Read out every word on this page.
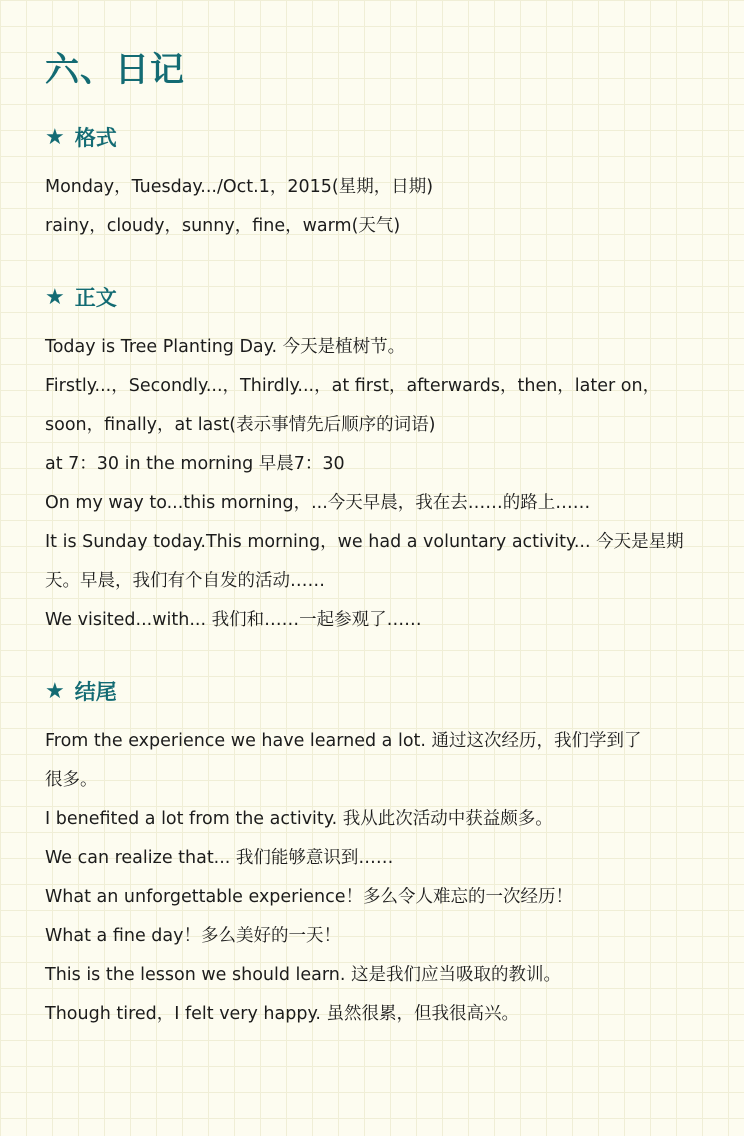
六、日记
★ 格式
Monday，Tuesday.../Oct.1，2015(星期，日期)
rainy，cloudy，sunny，fine，warm(天气)
★ 正文
Today is Tree Planting Day. 今天是植树节。
Firstly...，Secondly...，Thirdly...，at first，afterwards，then，later on，
soon，finally，at last(表示事情先后顺序的词语)
at 7：30 in the morning 早晨7：30
On my way to...this morning，...今天早晨，我在去……的路上……
It is Sunday today.This morning，we had a voluntary activity... 今天是星期
天。早晨，我们有个自发的活动……
We visited...with... 我们和……一起参观了……
★ 结尾
From the experience we have learned a lot. 通过这次经历，我们学到了
很多。
I benefited a lot from the activity. 我从此次活动中获益颇多。
We can realize that... 我们能够意识到……
What an unforgettable experience！多么令人难忘的一次经历！
What a fine day！多么美好的一天！
This is the lesson we should learn. 这是我们应当吸取的教训。
Though tired，I felt very happy. 虽然很累，但我很高兴。
